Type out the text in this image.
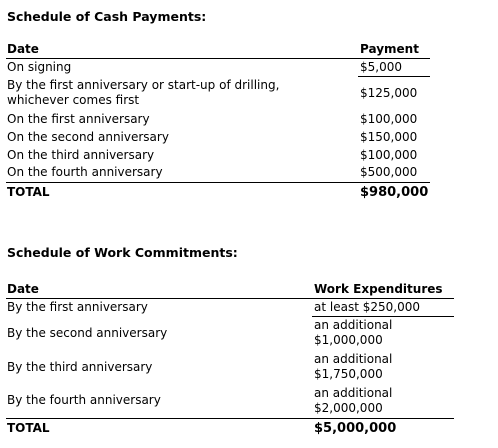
Schedule of Cash Payments:
Date	Payment
On signing	$5,000

By the first anniversary or start-up of drilling,
whichever comes first	$125,000
On the first anniversary	$100,000
On the second anniversary	$150,000
On the third anniversary	$100,000
On the fourth anniversary	$500,000
TOTAL	$980,000
Schedule of Work Commitments:
Date	Work Expenditures
By the first anniversary	at least $250,000
By the second anniversary	an additional
$1,000,000

By the third anniversary	an additional
$1,750,000

By the fourth anniversary	an additional
$2,000,000

TOTAL	$5,000,000
